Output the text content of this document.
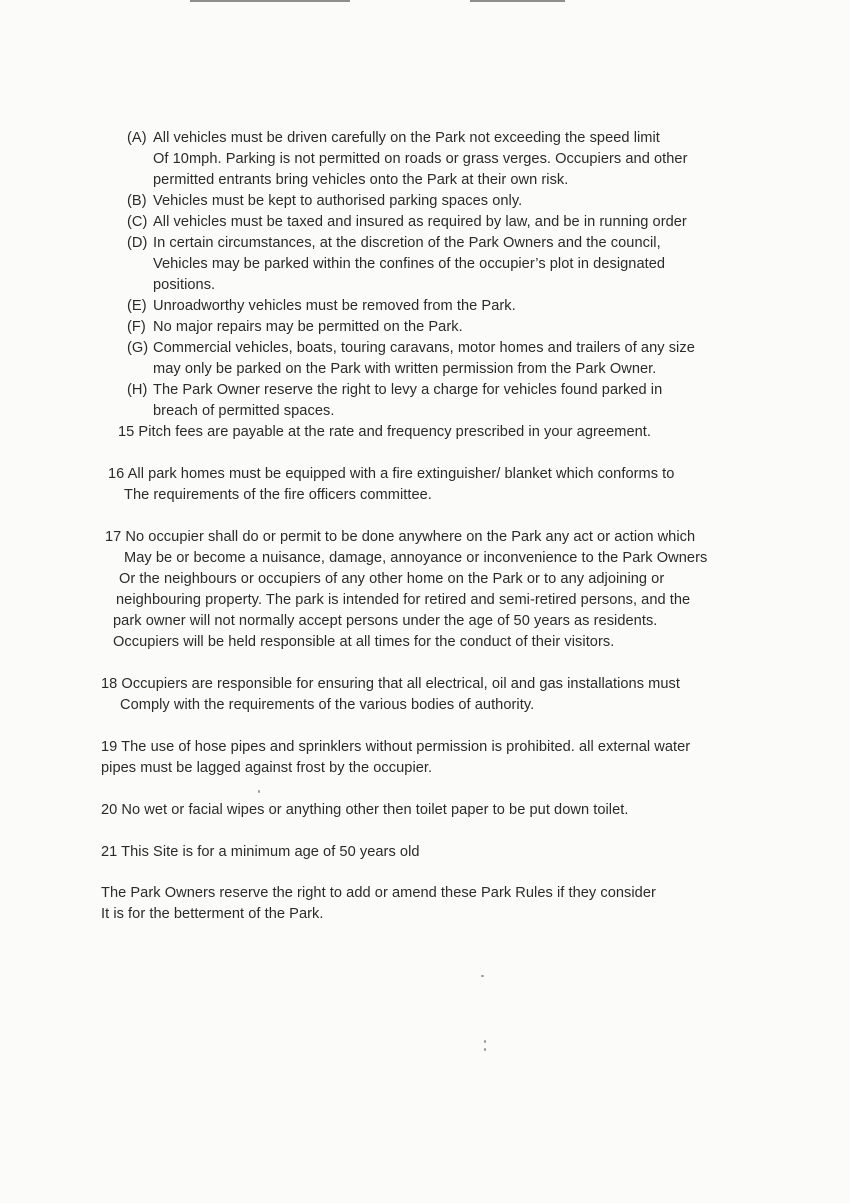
(A) All vehicles must be driven carefully on the Park not exceeding the speed limit
Of 10mph. Parking is not permitted on roads or grass verges. Occupiers and other
permitted entrants bring vehicles onto the Park at their own risk.
(B) Vehicles must be kept to authorised parking spaces only.
(C) All vehicles must be taxed and insured as required by law, and be in running order
(D) In certain circumstances, at the discretion of the Park Owners and the council,
Vehicles may be parked within the confines of the occupier’s plot in designated
positions.
(E) Unroadworthy vehicles must be removed from the Park.
(F) No major repairs may be permitted on the Park.
(G) Commercial vehicles, boats, touring caravans, motor homes and trailers of any size
may only be parked on the Park with written permission from the Park Owner.
(H) The Park Owner reserve the right to levy a charge for vehicles found parked in
breach of permitted spaces.
15 Pitch fees are payable at the rate and frequency prescribed in your agreement.
16 All park homes must be equipped with a fire extinguisher/ blanket which conforms to
The requirements of the fire officers committee.
17 No occupier shall do or permit to be done anywhere on the Park any act or action which
May be or become a nuisance, damage, annoyance or inconvenience to the Park Owners
Or the neighbours or occupiers of any other home on the Park or to any adjoining or
neighbouring property. The park is intended for retired and semi-retired persons, and the
park owner will not normally accept persons under the age of 50 years as residents.
Occupiers will be held responsible at all times for the conduct of their visitors.
18 Occupiers are responsible for ensuring that all electrical, oil and gas installations must
Comply with the requirements of the various bodies of authority.
19 The use of hose pipes and sprinklers without permission is prohibited. all external water
pipes must be lagged against frost by the occupier.
20 No wet or facial wipes or anything other then toilet paper to be put down toilet.
21 This Site is for a minimum age of 50 years old
The Park Owners reserve the right to add or amend these Park Rules if they consider
It is for the betterment of the Park.
